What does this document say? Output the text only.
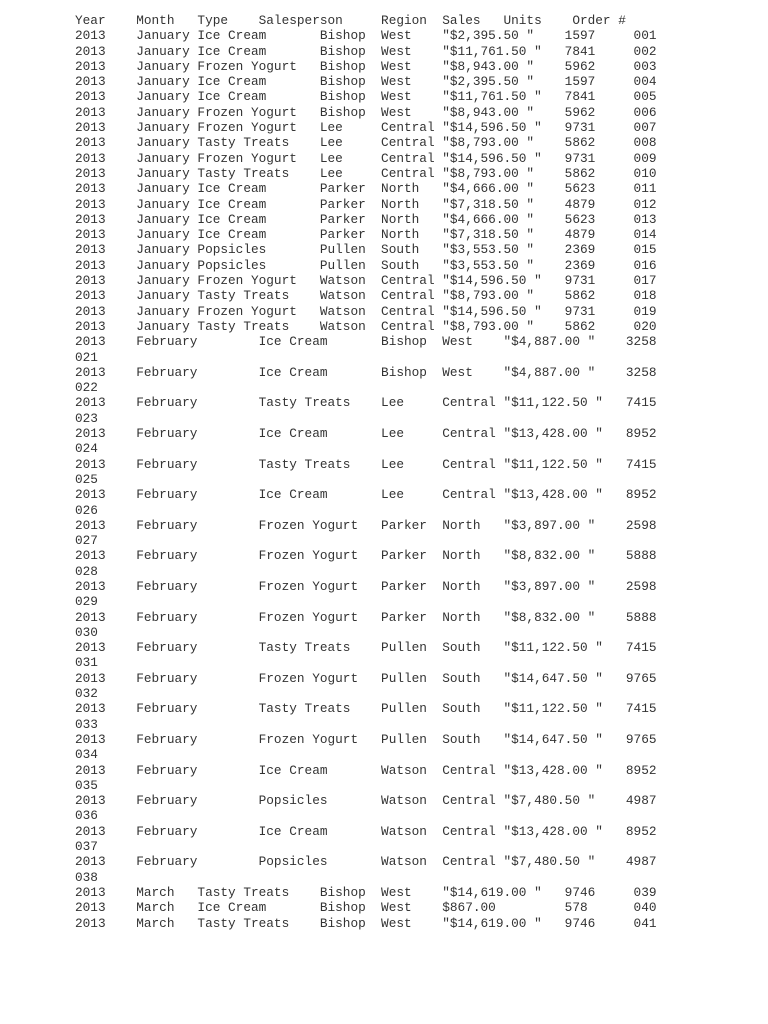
Year    Month   Type    Salesperson     Region  Sales   Units    Order #
2013    January Ice Cream       Bishop  West    "$2,395.50 "    1597     001
2013    January Ice Cream       Bishop  West    "$11,761.50 "   7841     002
2013    January Frozen Yogurt   Bishop  West    "$8,943.00 "    5962     003
2013    January Ice Cream       Bishop  West    "$2,395.50 "    1597     004
2013    January Ice Cream       Bishop  West    "$11,761.50 "   7841     005
2013    January Frozen Yogurt   Bishop  West    "$8,943.00 "    5962     006
2013    January Frozen Yogurt   Lee     Central "$14,596.50 "   9731     007
2013    January Tasty Treats    Lee     Central "$8,793.00 "    5862     008
2013    January Frozen Yogurt   Lee     Central "$14,596.50 "   9731     009
2013    January Tasty Treats    Lee     Central "$8,793.00 "    5862     010
2013    January Ice Cream       Parker  North   "$4,666.00 "    5623     011
2013    January Ice Cream       Parker  North   "$7,318.50 "    4879     012
2013    January Ice Cream       Parker  North   "$4,666.00 "    5623     013
2013    January Ice Cream       Parker  North   "$7,318.50 "    4879     014
2013    January Popsicles       Pullen  South   "$3,553.50 "    2369     015
2013    January Popsicles       Pullen  South   "$3,553.50 "    2369     016
2013    January Frozen Yogurt   Watson  Central "$14,596.50 "   9731     017
2013    January Tasty Treats    Watson  Central "$8,793.00 "    5862     018
2013    January Frozen Yogurt   Watson  Central "$14,596.50 "   9731     019
2013    January Tasty Treats    Watson  Central "$8,793.00 "    5862     020
2013    February        Ice Cream       Bishop  West    "$4,887.00 "    3258
021
2013    February        Ice Cream       Bishop  West    "$4,887.00 "    3258
022
2013    February        Tasty Treats    Lee     Central "$11,122.50 "   7415
023
2013    February        Ice Cream       Lee     Central "$13,428.00 "   8952
024
2013    February        Tasty Treats    Lee     Central "$11,122.50 "   7415
025
2013    February        Ice Cream       Lee     Central "$13,428.00 "   8952
026
2013    February        Frozen Yogurt   Parker  North   "$3,897.00 "    2598
027
2013    February        Frozen Yogurt   Parker  North   "$8,832.00 "    5888
028
2013    February        Frozen Yogurt   Parker  North   "$3,897.00 "    2598
029
2013    February        Frozen Yogurt   Parker  North   "$8,832.00 "    5888
030
2013    February        Tasty Treats    Pullen  South   "$11,122.50 "   7415
031
2013    February        Frozen Yogurt   Pullen  South   "$14,647.50 "   9765
032
2013    February        Tasty Treats    Pullen  South   "$11,122.50 "   7415
033
2013    February        Frozen Yogurt   Pullen  South   "$14,647.50 "   9765
034
2013    February        Ice Cream       Watson  Central "$13,428.00 "   8952
035
2013    February        Popsicles       Watson  Central "$7,480.50 "    4987
036
2013    February        Ice Cream       Watson  Central "$13,428.00 "   8952
037
2013    February        Popsicles       Watson  Central "$7,480.50 "    4987
038
2013    March   Tasty Treats    Bishop  West    "$14,619.00 "   9746     039
2013    March   Ice Cream       Bishop  West    $867.00         578      040
2013    March   Tasty Treats    Bishop  West    "$14,619.00 "   9746     041
